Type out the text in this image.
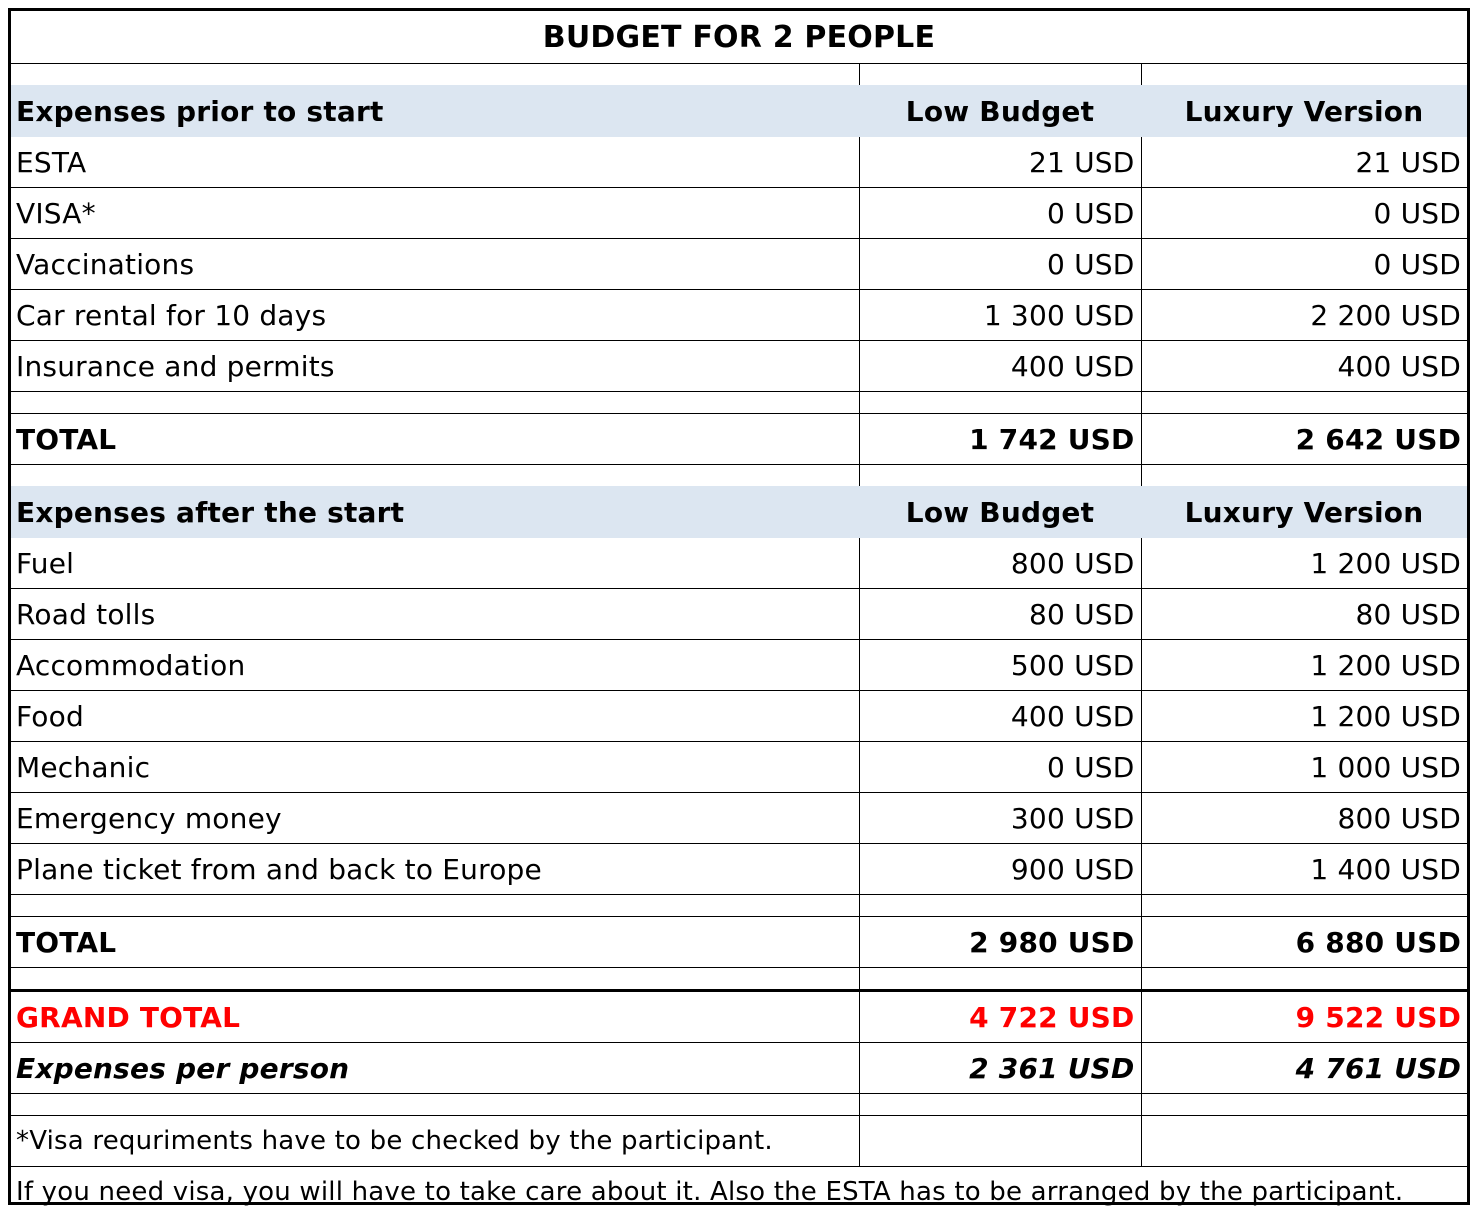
BUDGET FOR 2 PEOPLE		

Expenses prior to start	Low Budget	Luxury Version
ESTA	21 USD	21 USD
VISA*	0 USD	0 USD
Vaccinations	0 USD	0 USD
Car rental for 10 days	1 300 USD	2 200 USD
Insurance and permits	400 USD	400 USD

TOTAL	1 742 USD	2 642 USD

Expenses after the start	Low Budget	Luxury Version
Fuel	800 USD	1 200 USD
Road tolls	80 USD	80 USD
Accommodation	500 USD	1 200 USD
Food	400 USD	1 200 USD
Mechanic	0 USD	1 000 USD
Emergency money	300 USD	800 USD
Plane ticket from and back to Europe	900 USD	1 400 USD

TOTAL	2 980 USD	6 880 USD

GRAND TOTAL	4 722 USD	9 522 USD
Expenses per person	2 361 USD	4 761 USD

*Visa requriments have to be checked by the participant.		
If you need visa, you will have to take care about it. Also the ESTA has to be arranged by the participant.		
